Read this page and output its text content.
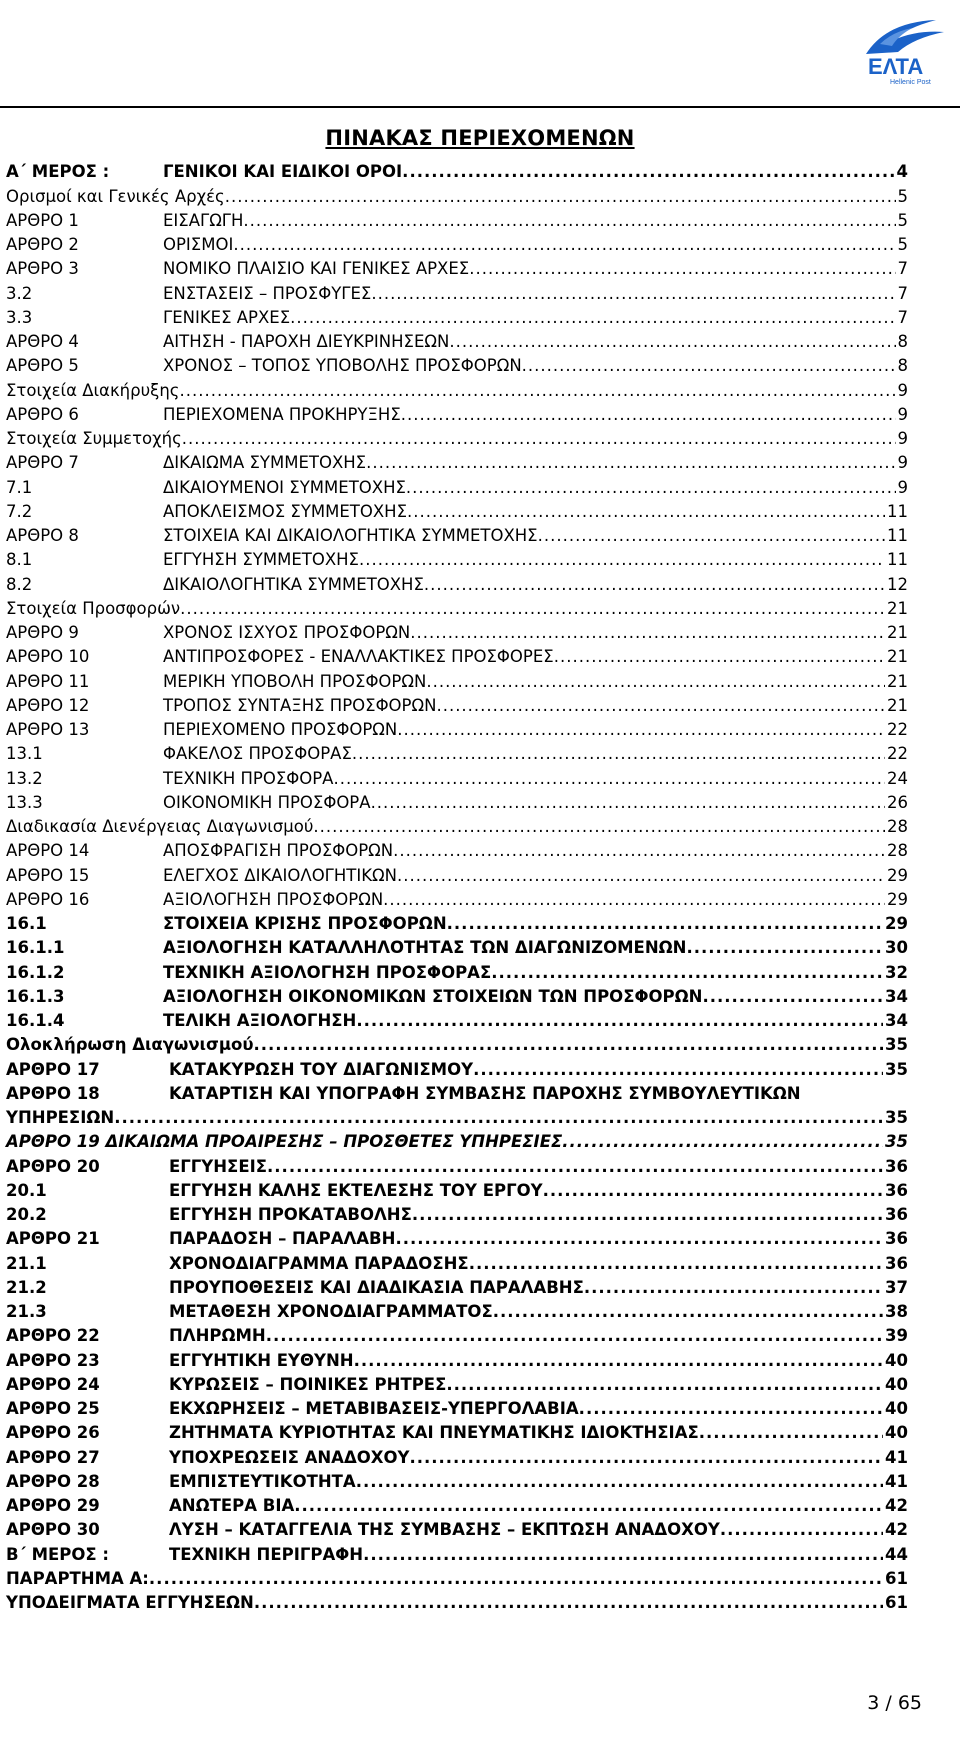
ΕΛΤΑ
Hellenic Post
ΠΙΝΑΚΑΣ ΠΕΡΙΕΧΟΜΕΝΩΝ
Α΄ ΜΕΡΟΣ :	ΓΕΝΙΚΟΙ ΚΑΙ ΕΙΔΙΚΟΙ ΟΡΟΙ .....	4
Ορισμοί και Γενικές Αρχές .....	5
ΑΡΘΡΟ 1	ΕΙΣΑΓΩΓΗ .....	5
ΑΡΘΡΟ 2	ΟΡΙΣΜΟΙ .....	5
ΑΡΘΡΟ 3	ΝΟΜΙΚΟ ΠΛΑΙΣΙΟ ΚΑΙ ΓΕΝΙΚΕΣ ΑΡΧΕΣ .....	7
3.2	ΕΝΣΤΑΣΕΙΣ – ΠΡΟΣΦΥΓΕΣ .....	7
3.3	ΓΕΝΙΚΕΣ ΑΡΧΕΣ .....	7
ΑΡΘΡΟ 4	ΑΙΤΗΣΗ - ΠΑΡΟΧΗ ΔΙΕΥΚΡΙΝΗΣΕΩΝ .....	8
ΑΡΘΡΟ 5	ΧΡΟΝΟΣ – ΤΟΠΟΣ ΥΠΟΒΟΛΗΣ ΠΡΟΣΦΟΡΩΝ .....	8
Στοιχεία Διακήρυξης .....	9
ΑΡΘΡΟ 6	ΠΕΡΙΕΧΟΜΕΝΑ ΠΡΟΚΗΡΥΞΗΣ .....	9
Στοιχεία Συμμετοχής .....	9
ΑΡΘΡΟ 7	ΔΙΚΑΙΩΜΑ ΣΥΜΜΕΤΟΧΗΣ .....	9
7.1	ΔΙΚΑΙΟΥΜΕΝΟΙ ΣΥΜΜΕΤΟΧΗΣ .....	9
7.2	ΑΠΟΚΛΕΙΣΜΟΣ ΣΥΜΜΕΤΟΧΗΣ .....	11
ΑΡΘΡΟ 8	ΣΤΟΙΧΕΙΑ ΚΑΙ ΔΙΚΑΙΟΛΟΓΗΤΙΚΑ ΣΥΜΜΕΤΟΧΗΣ .....	11
8.1	ΕΓΓΥΗΣΗ ΣΥΜΜΕΤΟΧΗΣ .....	11
8.2	ΔΙΚΑΙΟΛΟΓΗΤΙΚΑ ΣΥΜΜΕΤΟΧΗΣ .....	12
Στοιχεία Προσφορών .....	21
ΑΡΘΡΟ 9	ΧΡΟΝΟΣ ΙΣΧΥΟΣ ΠΡΟΣΦΟΡΩΝ .....	21
ΑΡΘΡΟ 10	ΑΝΤΙΠΡΟΣΦΟΡΕΣ - ΕΝΑΛΛΑΚΤΙΚΕΣ ΠΡΟΣΦΟΡΕΣ .....	21
ΑΡΘΡΟ 11	ΜΕΡΙΚΗ ΥΠΟΒΟΛΗ ΠΡΟΣΦΟΡΩΝ .....	21
ΑΡΘΡΟ 12	ΤΡΟΠΟΣ ΣΥΝΤΑΞΗΣ ΠΡΟΣΦΟΡΩΝ .....	21
ΑΡΘΡΟ 13	ΠΕΡΙΕΧΟΜΕΝΟ ΠΡΟΣΦΟΡΩΝ .....	22
13.1	ΦΑΚΕΛΟΣ ΠΡΟΣΦΟΡΑΣ .....	22
13.2	ΤΕΧΝΙΚΗ ΠΡΟΣΦΟΡΑ .....	24
13.3	ΟΙΚΟΝΟΜΙΚΗ ΠΡΟΣΦΟΡΑ .....	26
Διαδικασία Διενέργειας Διαγωνισμού .....	28
ΑΡΘΡΟ 14	ΑΠΟΣΦΡΑΓΙΣΗ ΠΡΟΣΦΟΡΩΝ .....	28
ΑΡΘΡΟ 15	ΕΛΕΓΧΟΣ ΔΙΚΑΙΟΛΟΓΗΤΙΚΩΝ .....	29
ΑΡΘΡΟ 16	ΑΞΙΟΛΟΓΗΣΗ ΠΡΟΣΦΟΡΩΝ .....	29
16.1	ΣΤΟΙΧΕΙΑ ΚΡΙΣΗΣ ΠΡΟΣΦΟΡΩΝ .....	29
16.1.1	ΑΞΙΟΛΟΓΗΣΗ ΚΑΤΑΛΛΗΛΟΤΗΤΑΣ ΤΩΝ ΔΙΑΓΩΝΙΖΟΜΕΝΩΝ .....	30
16.1.2	ΤΕΧΝΙΚΗ ΑΞΙΟΛΟΓΗΣΗ ΠΡΟΣΦΟΡΑΣ .....	32
16.1.3	ΑΞΙΟΛΟΓΗΣΗ ΟΙΚΟΝΟΜΙΚΩΝ ΣΤΟΙΧΕΙΩΝ ΤΩΝ ΠΡΟΣΦΟΡΩΝ .....	34
16.1.4	ΤΕΛΙΚΗ ΑΞΙΟΛΟΓΗΣΗ .....	34
Ολοκλήρωση Διαγωνισμού .....	35
ΑΡΘΡΟ 17	ΚΑΤΑΚΥΡΩΣΗ ΤΟΥ ΔΙΑΓΩΝΙΣΜΟΥ .....	35
ΑΡΘΡΟ 18	ΚΑΤΑΡΤΙΣΗ ΚΑΙ ΥΠΟΓΡΑΦΗ ΣΥΜΒΑΣΗΣ ΠΑΡΟΧΗΣ ΣΥΜΒΟΥΛΕΥΤΙΚΩΝ
ΥΠΗΡΕΣΙΩΝ .....	35
ΑΡΘΡΟ 19 ΔΙΚΑΙΩΜΑ ΠΡΟΑΙΡΕΣΗΣ – ΠΡΟΣΘΕΤΕΣ ΥΠΗΡΕΣΙΕΣ .....	35
ΑΡΘΡΟ 20	ΕΓΓΥΗΣΕΙΣ .....	36
20.1	ΕΓΓΥΗΣΗ ΚΑΛΗΣ ΕΚΤΕΛΕΣΗΣ ΤΟΥ ΕΡΓΟΥ .....	36
20.2	ΕΓΓΥΗΣΗ ΠΡΟΚΑΤΑΒΟΛΗΣ .....	36
ΑΡΘΡΟ 21	ΠΑΡΑΔΟΣΗ – ΠΑΡΑΛΑΒΗ .....	36
21.1	ΧΡΟΝΟΔΙΑΓΡΑΜΜΑ ΠΑΡΑΔΟΣΗΣ .....	36
21.2	ΠΡΟΥΠΟΘΕΣΕΙΣ ΚΑΙ ΔΙΑΔΙΚΑΣΙΑ ΠΑΡΑΛΑΒΗΣ .....	37
21.3	ΜΕΤΑΘΕΣΗ ΧΡΟΝΟΔΙΑΓΡΑΜΜΑΤΟΣ .....	38
ΑΡΘΡΟ 22	ΠΛΗΡΩΜΗ .....	39
ΑΡΘΡΟ 23	ΕΓΓΥΗΤΙΚΗ ΕΥΘΥΝΗ .....	40
ΑΡΘΡΟ 24	ΚΥΡΩΣΕΙΣ – ΠΟΙΝΙΚΕΣ ΡΗΤΡΕΣ .....	40
ΑΡΘΡΟ 25	ΕΚΧΩΡΗΣΕΙΣ – ΜΕΤΑΒΙΒΑΣΕΙΣ-ΥΠΕΡΓΟΛΑΒΙΑ .....	40
ΑΡΘΡΟ 26	ΖΗΤΗΜΑΤΑ ΚΥΡΙΟΤΗΤΑΣ ΚΑΙ ΠΝΕΥΜΑΤΙΚΗΣ ΙΔΙΟΚΤΗΣΙΑΣ .....	40
ΑΡΘΡΟ 27	ΥΠΟΧΡΕΩΣΕΙΣ ΑΝΑΔΟΧΟΥ .....	41
ΑΡΘΡΟ 28	ΕΜΠΙΣΤΕΥΤΙΚΟΤΗΤΑ .....	41
ΑΡΘΡΟ 29	ΑΝΩΤΕΡΑ ΒΙΑ .....	42
ΑΡΘΡΟ 30	ΛΥΣΗ – ΚΑΤΑΓΓΕΛΙΑ ΤΗΣ ΣΥΜΒΑΣΗΣ – ΕΚΠΤΩΣΗ ΑΝΑΔΟΧΟΥ .....	42
Β΄ ΜΕΡΟΣ :	ΤΕΧΝΙΚΗ ΠΕΡΙΓΡΑΦΗ .....	44
ΠΑΡΑΡΤΗΜΑ Α: .....	61
ΥΠΟΔΕΙΓΜΑΤΑ ΕΓΓΥΗΣΕΩΝ .....	61
3 / 65
